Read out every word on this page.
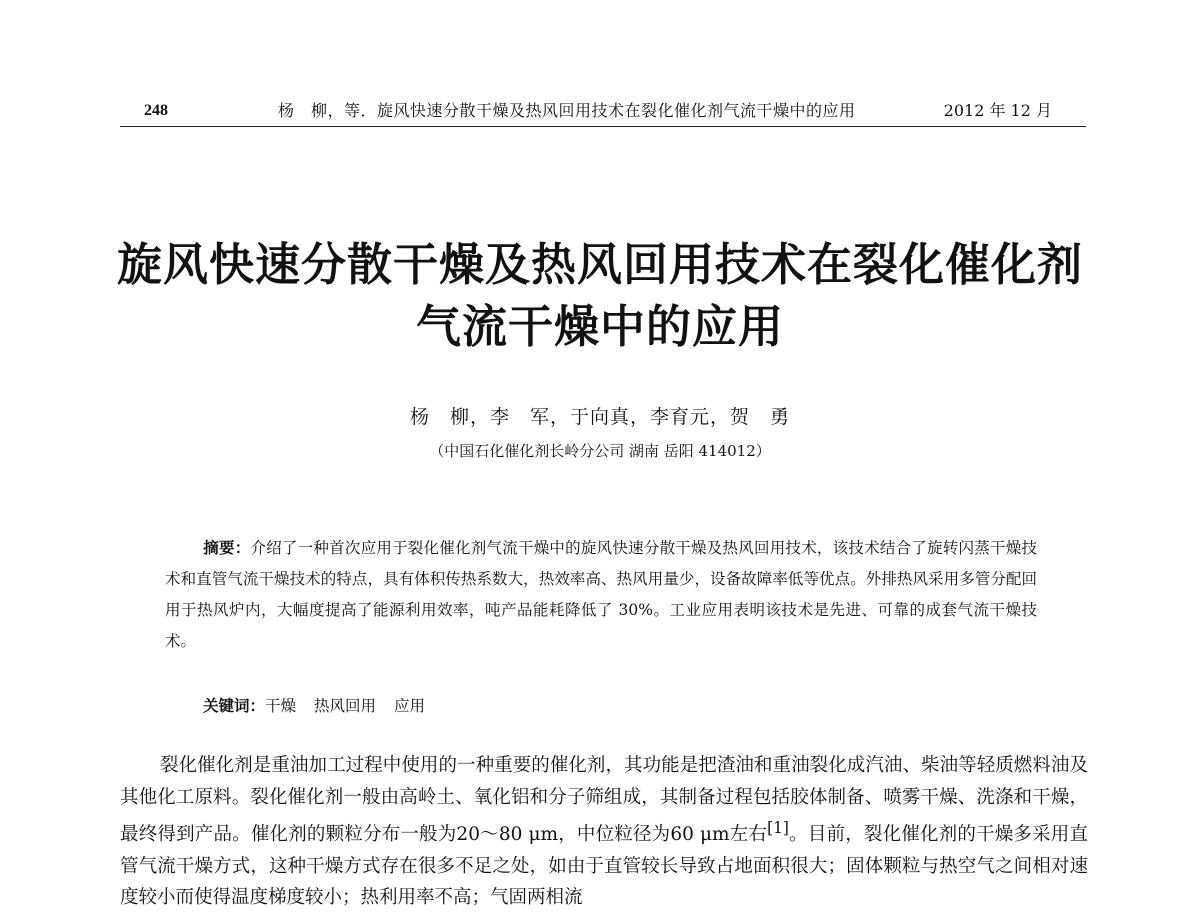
248	杨　柳，等．旋风快速分散干燥及热风回用技术在裂化催化剂气流干燥中的应用	2012 年 12 月
旋风快速分散干燥及热风回用技术在裂化催化剂
气流干燥中的应用
杨　柳，李　军，于向真，李育元，贺　勇
（中国石化催化剂长岭分公司 湖南 岳阳 414012）
摘要：介绍了一种首次应用于裂化催化剂气流干燥中的旋风快速分散干燥及热风回用技术，该技术结合了旋转闪蒸干燥技术和直管气流干燥技术的特点，具有体积传热系数大，热效率高、热风用量少，设备故障率低等优点。外排热风采用多管分配回用于热风炉内，大幅度提高了能源利用效率，吨产品能耗降低了 30%。工业应用表明该技术是先进、可靠的成套气流干燥技术。
关键词：干燥 热风回用 应用
裂化催化剂是重油加工过程中使用的一种重要的催化剂，其功能是把渣油和重油裂化成汽油、柴油等轻质燃料油及其他化工原料。裂化催化剂一般由高岭土、氧化铝和分子筛组成，其制备过程包括胶体制备、喷雾干燥、洗涤和干燥，最终得到产品。催化剂的颗粒分布一般为20～80 μm，中位粒径为60 μm左右[1]。目前，裂化催化剂的干燥多采用直管气流干燥方式，这种干燥方式存在很多不足之处，如由于直管较长导致占地面积很大；固体颗粒与热空气之间相对速度较小而使得温度梯度较小；热利用率不高；气固两相流
